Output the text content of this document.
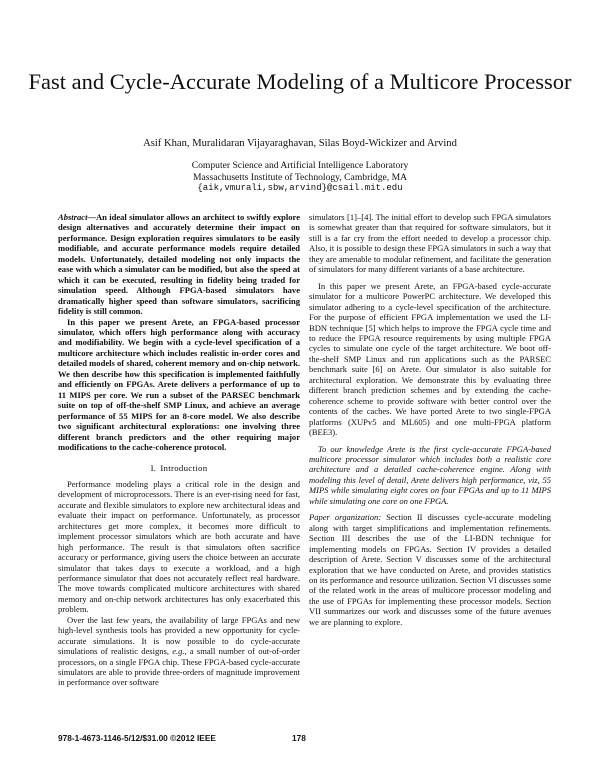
Fast and Cycle-Accurate Modeling of a Multicore Processor
Asif Khan, Muralidaran Vijayaraghavan, Silas Boyd-Wickizer and Arvind
Computer Science and Artificial Intelligence Laboratory
Massachusetts Institute of Technology, Cambridge, MA
{aik,vmurali,sbw,arvind}@csail.mit.edu

Abstract—An ideal simulator allows an architect to swiftly explore design alternatives and accurately determine their impact on performance. Design exploration requires simulators to be easily modifiable, and accurate performance models require detailed models. Unfortunately, detailed modeling not only impacts the ease with which a simulator can be modified, but also the speed at which it can be executed, resulting in fidelity being traded for simulation speed. Although FPGA-based simulators have dramatically higher speed than software simulators, sacrificing fidelity is still common.

In this paper we present Arete, an FPGA-based processor simulator, which offers high performance along with accuracy and modifiability. We begin with a cycle-level specification of a multicore architecture which includes realistic in-order cores and detailed models of shared, coherent memory and on-chip network. We then describe how this specification is implemented faithfully and efficiently on FPGAs. Arete delivers a performance of up to 11 MIPS per core. We run a subset of the PARSEC benchmark suite on top of off-the-shelf SMP Linux, and achieve an average performance of 55 MIPS for an 8-core model. We also describe two significant architectural explorations: one involving three different branch predictors and the other requiring major modifications to the cache-coherence protocol.

I. Introduction

Performance modeling plays a critical role in the design and development of microprocessors. There is an ever-rising need for fast, accurate and flexible simulators to explore new architectural ideas and evaluate their impact on performance. Unfortunately, as processor architectures get more complex, it becomes more difficult to implement processor simulators which are both accurate and have high performance. The result is that simulators often sacrifice accuracy or performance, giving users the choice between an accurate simulator that takes days to execute a workload, and a high performance simulator that does not accurately reflect real hardware. The move towards complicated multicore architectures with shared memory and on-chip network architectures has only exacerbated this problem.

Over the last few years, the availability of large FPGAs and new high-level synthesis tools has provided a new opportunity for cycle-accurate simulations. It is now possible to do cycle-accurate simulations of realistic designs, e.g., a small number of out-of-order processors, on a single FPGA chip. These FPGA-based cycle-accurate simulators are able to provide three-orders of magnitude improvement in performance over software

simulators [1]–[4]. The initial effort to develop such FPGA simulators is somewhat greater than that required for software simulators, but it still is a far cry from the effort needed to develop a processor chip. Also, it is possible to design these FPGA simulators in such a way that they are amenable to modular refinement, and facilitate the generation of simulators for many different variants of a base architecture.

In this paper we present Arete, an FPGA-based cycle-accurate simulator for a multicore PowerPC architecture. We developed this simulator adhering to a cycle-level specification of the architecture. For the purpose of efficient FPGA implementation we used the LI-BDN technique [5] which helps to improve the FPGA cycle time and to reduce the FPGA resource requirements by using multiple FPGA cycles to simulate one cycle of the target architecture. We boot off-the-shelf SMP Linux and run applications such as the PARSEC benchmark suite [6] on Arete. Our simulator is also suitable for architectural exploration. We demonstrate this by evaluating three different branch prediction schemes and by extending the cache-coherence scheme to provide software with better control over the contents of the caches. We have ported Arete to two single-FPGA platforms (XUPv5 and ML605) and one multi-FPGA platform (BEE3).

To our knowledge Arete is the first cycle-accurate FPGA-based multicore processor simulator which includes both a realistic core architecture and a detailed cache-coherence engine. Along with modeling this level of detail, Arete delivers high performance, viz, 55 MIPS while simulating eight cores on four FPGAs and up to 11 MIPS while simulating one core on one FPGA.

Paper organization: Section II discusses cycle-accurate modeling along with target simplifications and implementation refinements. Section III describes the use of the LI-BDN technique for implementing models on FPGAs. Section IV provides a detailed description of Arete. Section V discusses some of the architectural exploration that we have conducted on Arete, and provides statistics on its performance and resource utilization. Section VI discusses some of the related work in the areas of multicore processor modeling and the use of FPGAs for implementing these processor models. Section VII summarizes our work and discusses some of the future avenues we are planning to explore.

978-1-4673-1146-5/12/$31.00 ©2012 IEEE	178
